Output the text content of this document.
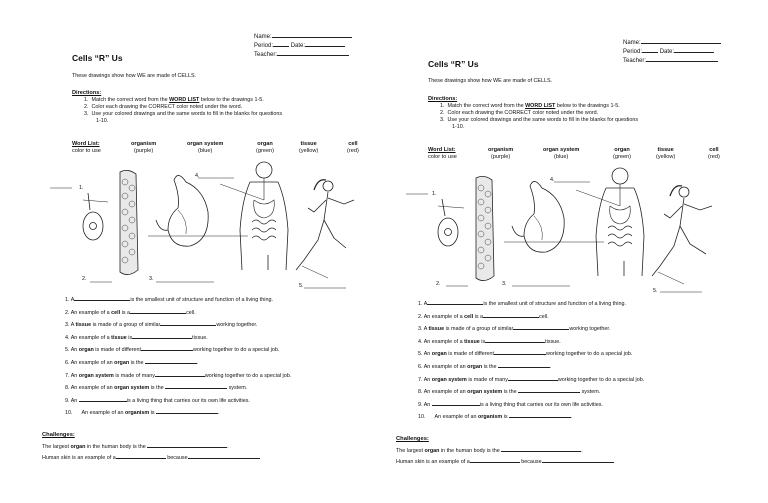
Name:
Period:	Date:
Teacher:
Cells “R” Us
These drawings show how WE are made of CELLS.
Directions:
1.  Match the correct word from the WORD LIST below to the drawings 1-5.
2.  Color each drawing the CORRECT color noted under the word.
3.  Use your colored drawings and the same words to fill in the blanks for questions
1-10.
Word List:
color to use
organism
(purple)
organ system
(blue)
organ
(green)
tissue
(yellow)
cell
(red)
1.
2.	3.
4.
5.
1. A	is the smallest unit of structure and function of a living thing.
2. An example of a cell is a	cell.
3. A tissue is made of a group of similar	working together.
4. An example of a tissue is	tissue.
5. An organ is made of different	working together to do a special job.
6. An example of an organ is the	.
7. An organ system is made of many	working together to do a special job.
8. An example of an organ system is the	system.
9. An	is a living thing that carries our its own life activities.
10. An example of an organism is	.
Challenges:
The largest organ in the human body is the	.
Human skin is an example of a	because
Name:
Period:	Date:
Teacher:
Cells “R” Us
These drawings show how WE are made of CELLS.
Directions:
1.  Match the correct word from the WORD LIST below to the drawings 1-5.
2.  Color each drawing the CORRECT color noted under the word.
3.  Use your colored drawings and the same words to fill in the blanks for questions
1-10.
Word List:
color to use
organism
(purple)
organ system
(blue)
organ
(green)
tissue
(yellow)
cell
(red)
1.
2.	3.
4.
5.
1. A	is the smallest unit of structure and function of a living thing.
2. An example of a cell is a	cell.
3. A tissue is made of a group of similar	working together.
4. An example of a tissue is	tissue.
5. An organ is made of different	working together to do a special job.
6. An example of an organ is the	.
7. An organ system is made of many	working together to do a special job.
8. An example of an organ system is the	system.
9. An	is a living thing that carries our its own life activities.
10. An example of an organism is	.
Challenges:
The largest organ in the human body is the	.
Human skin is an example of a	because
